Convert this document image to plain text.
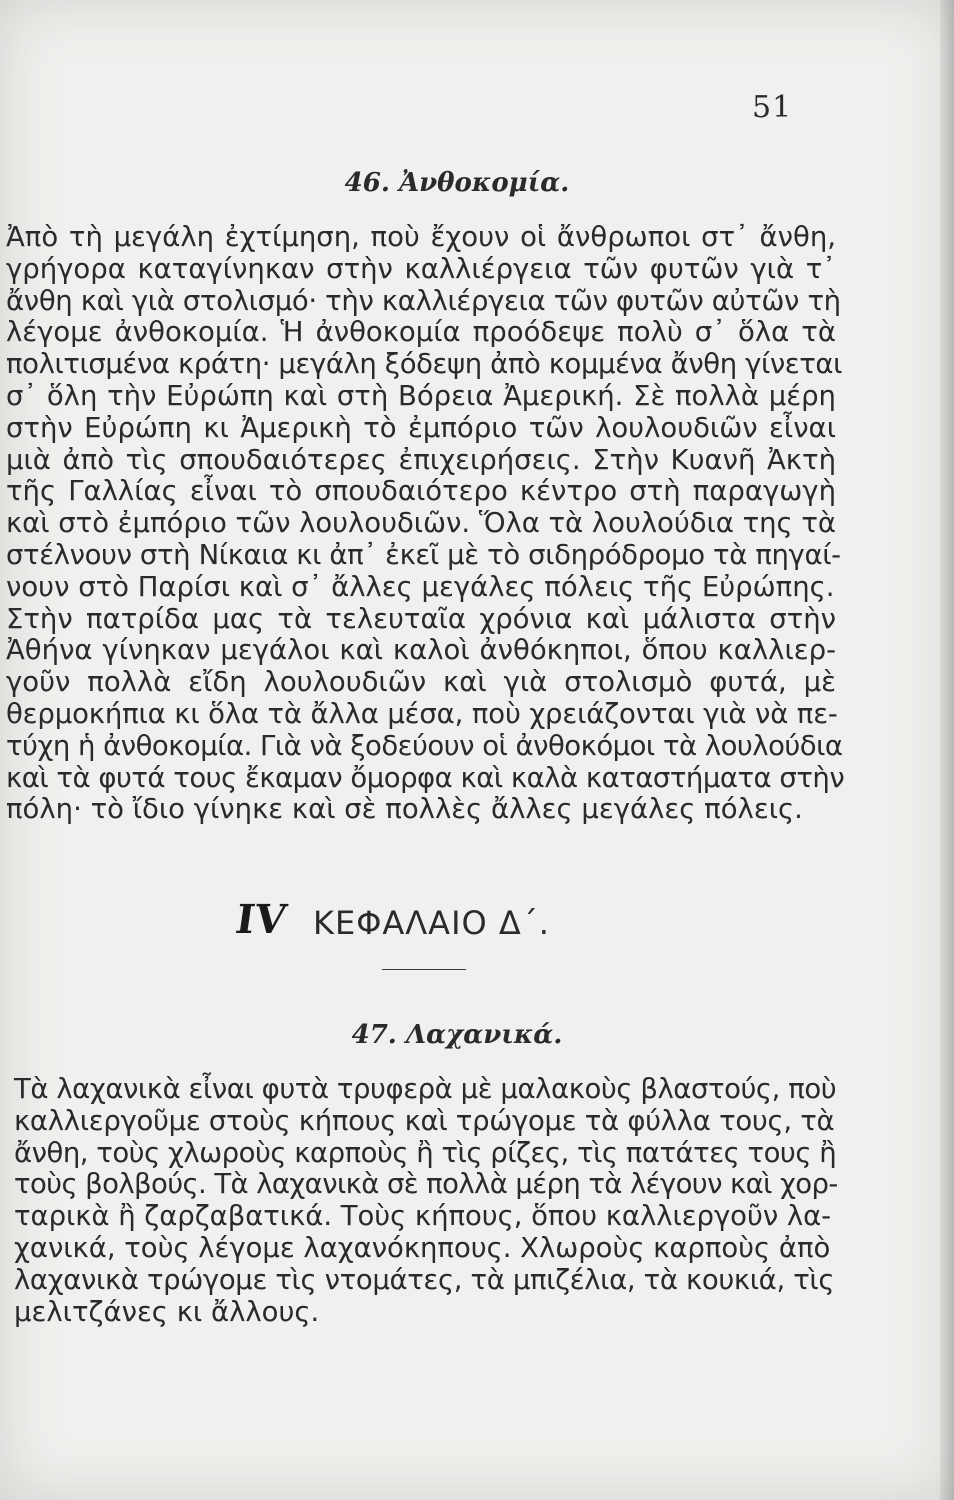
51
46. Ἀνθοκομία.
Ἀπὸ τὴ μεγάλη ἐχτίμηση, ποὺ ἔχουν οἱ ἄνθρωποι στ᾽ ἄνθη,
γρήγορα καταγίνηκαν στὴν καλλιέργεια τῶν φυτῶν γιὰ τ᾽
ἄνθη καὶ γιὰ στολισμό· τὴν καλλιέργεια τῶν φυτῶν αὐτῶν τὴ
λέγομε ἀνθοκομία. Ἡ ἀνθοκομία προόδεψε πολὺ σ᾽ ὅλα τὰ
πολιτισμένα κράτη· μεγάλη ξόδεψη ἀπὸ κομμένα ἄνθη γίνεται
σ᾽ ὅλη τὴν Εὐρώπη καὶ στὴ Βόρεια Ἀμερική. Σὲ πολλὰ μέρη
στὴν Εὐρώπη κι Ἀμερικὴ τὸ ἐμπόριο τῶν λουλουδιῶν εἶναι
μιὰ ἀπὸ τὶς σπουδαιότερες ἐπιχειρήσεις. Στὴν Κυανῆ Ἀκτὴ
τῆς Γαλλίας εἶναι τὸ σπουδαιότερο κέντρο στὴ παραγωγὴ
καὶ στὸ ἐμπόριο τῶν λουλουδιῶν. Ὅλα τὰ λουλούδια της τὰ
στέλνουν στὴ Νίκαια κι ἀπ᾽ ἐκεῖ μὲ τὸ σιδηρόδρομο τὰ πηγαί-
νουν στὸ Παρίσι καὶ σ᾽ ἄλλες μεγάλες πόλεις τῆς Εὐρώπης.
Στὴν πατρίδα μας τὰ τελευταῖα χρόνια καὶ μάλιστα στὴν
Ἀθήνα γίνηκαν μεγάλοι καὶ καλοὶ ἀνθόκηποι, ὅπου καλλιερ-
γοῦν πολλὰ εἴδη λουλουδιῶν καὶ γιὰ στολισμὸ φυτά, μὲ
θερμοκήπια κι ὅλα τὰ ἄλλα μέσα, ποὺ χρειάζονται γιὰ νὰ πε-
τύχη ἡ ἀνθοκομία. Γιὰ νὰ ξοδεύουν οἱ ἀνθοκόμοι τὰ λουλούδια
καὶ τὰ φυτά τους ἔκαμαν ὄμορφα καὶ καλὰ καταστήματα στὴν
πόλη· τὸ ἴδιο γίνηκε καὶ σὲ πολλὲς ἄλλες μεγάλες πόλεις.
IV ΚΕΦΑΛΑΙΟ Δ΄.
47. Λαχανικά.
Τὰ λαχανικὰ εἶναι φυτὰ τρυφερὰ μὲ μαλακοὺς βλαστούς, ποὺ
καλλιεργοῦμε στοὺς κήπους καὶ τρώγομε τὰ φύλλα τους, τὰ
ἄνθη, τοὺς χλωροὺς καρποὺς ἢ τὶς ρίζες, τὶς πατάτες τους ἢ
τοὺς βολβούς. Τὰ λαχανικὰ σὲ πολλὰ μέρη τὰ λέγουν καὶ χορ-
ταρικὰ ἢ ζαρζαβατικά. Τοὺς κήπους, ὅπου καλλιεργοῦν λα-
χανικά, τοὺς λέγομε λαχανόκηπους. Χλωροὺς καρποὺς ἀπὸ
λαχανικὰ τρώγομε τὶς ντομάτες, τὰ μπιζέλια, τὰ κουκιά, τὶς
μελιτζάνες κι ἄλλους.
